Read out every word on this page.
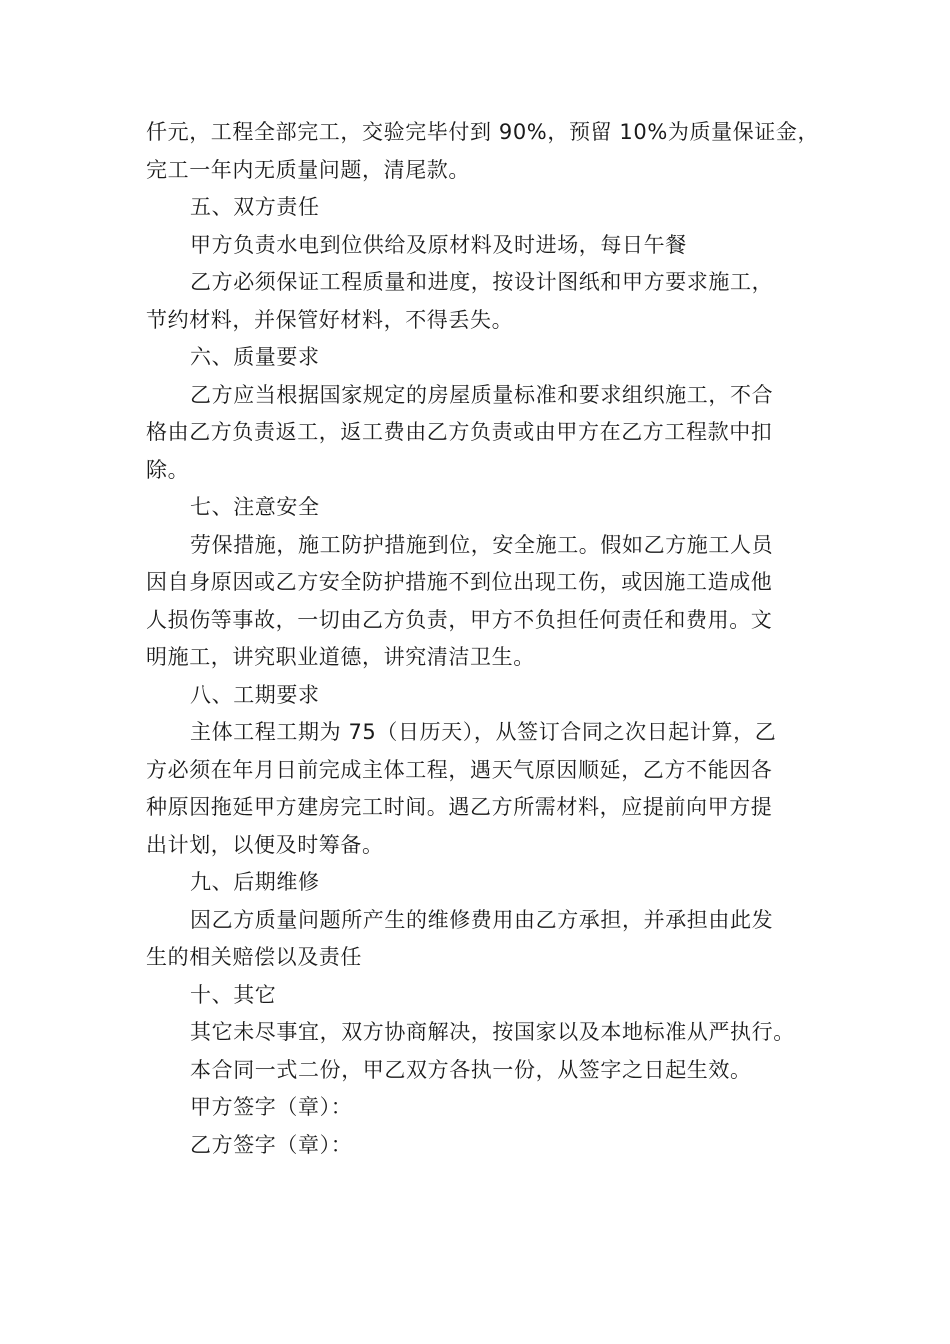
仟元，工程全部完工，交验完毕付到 90%，预留 10%为质量保证金，
完工一年内无质量问题，清尾款。
五、双方责任
甲方负责水电到位供给及原材料及时进场，每日午餐
乙方必须保证工程质量和进度，按设计图纸和甲方要求施工，
节约材料，并保管好材料，不得丢失。
六、质量要求
乙方应当根据国家规定的房屋质量标准和要求组织施工，不合
格由乙方负责返工，返工费由乙方负责或由甲方在乙方工程款中扣
除。
七、注意安全
劳保措施，施工防护措施到位，安全施工。假如乙方施工人员
因自身原因或乙方安全防护措施不到位出现工伤，或因施工造成他
人损伤等事故，一切由乙方负责，甲方不负担任何责任和费用。文
明施工，讲究职业道德，讲究清洁卫生。
八、工期要求
主体工程工期为 75（日历天），从签订合同之次日起计算，乙
方必须在年月日前完成主体工程，遇天气原因顺延，乙方不能因各
种原因拖延甲方建房完工时间。遇乙方所需材料，应提前向甲方提
出计划，以便及时筹备。
九、后期维修
因乙方质量问题所产生的维修费用由乙方承担，并承担由此发
生的相关赔偿以及责任
十、其它
其它未尽事宜，双方协商解决，按国家以及本地标准从严执行。
本合同一式二份，甲乙双方各执一份，从签字之日起生效。
甲方签字（章）：
乙方签字（章）：
